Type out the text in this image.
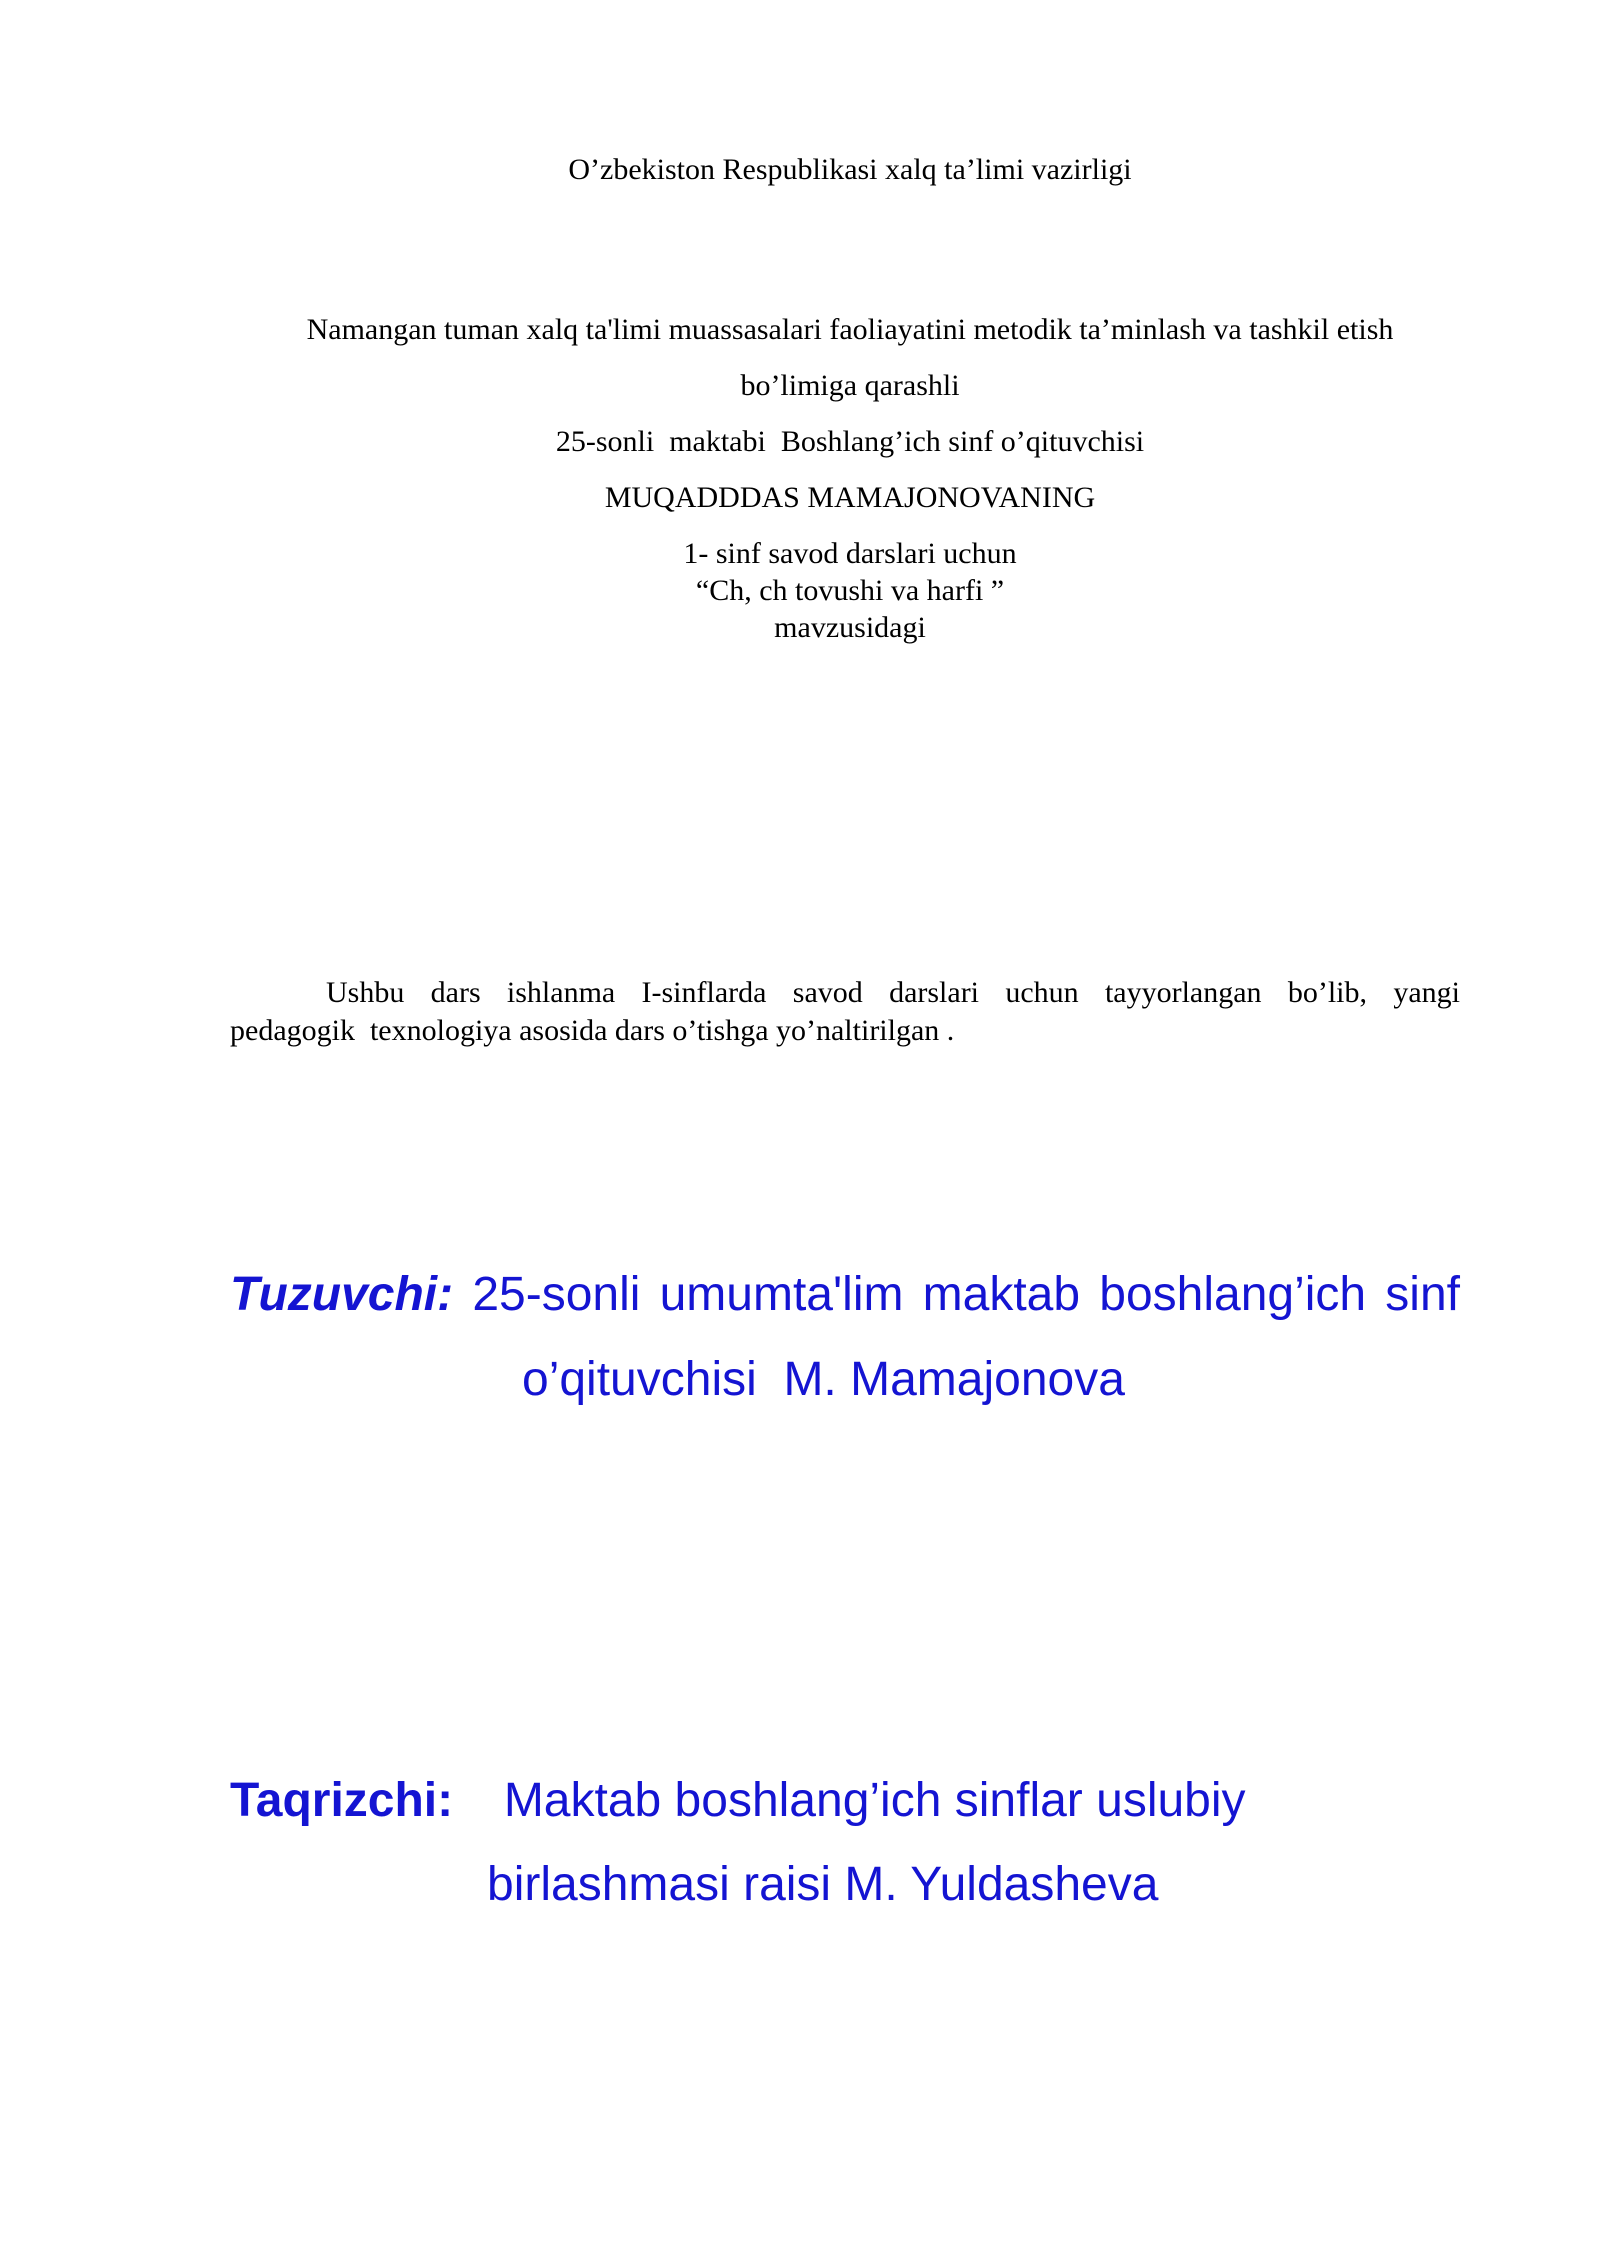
O’zbekiston Respublikasi xalq ta’limi vazirligi
Namangan tuman xalq ta'limi muassasalari faoliayatini metodik ta’minlash va tashkil etish
bo’limiga qarashli
25-sonli  maktabi  Boshlang’ich sinf o’qituvchisi
MUQADDDAS MAMAJONOVANING
1- sinf savod darslari uchun
“Ch, ch tovushi va harfi ”
mavzusidagi
Ushbu dars ishlanma I-sinflarda savod darslari uchun tayyorlangan bo’lib, yangi
pedagogik  texnologiya asosida dars o’tishga yo’naltirilgan .
Tuzuvchi: 25-sonli umumta'lim maktab boshlang’ich sinf
o’qituvchisi  M. Mamajonova
Taqrizchi: Maktab boshlang’ich sinflar uslubiy
birlashmasi raisi M. Yuldasheva
